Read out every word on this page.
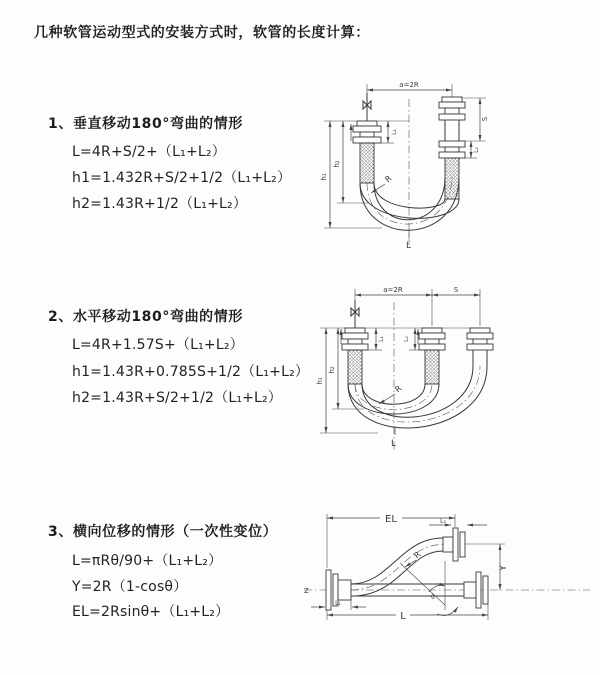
几种软管运动型式的安装方式时，软管的长度计算：
1、垂直移动180°弯曲的情形
L=4R+S/2+（L₁+L₂）
h1=1.432R+S/2+1/2（L₁+L₂）
h2=1.43R+1/2（L₁+L₂）
2、水平移动180°弯曲的情形
L=4R+1.57S+（L₁+L₂）
h1=1.43R+0.785S+1/2（L₁+L₂）
h2=1.43R+S/2+1/2（L₁+L₂）
3、横向位移的情形（一次性变位）
L=πRθ/90+（L₁+L₂）
Y=2R（1-cosθ）
EL=2Rsinθ+（L₁+L₂）
a=2R
h₁
h₂
L₁
S
L₂
R
L
a=2R	S
h₁
h₂
L₁	L₂
R
L
EL	L₂
Y
R
θ
L
L₁
Z
